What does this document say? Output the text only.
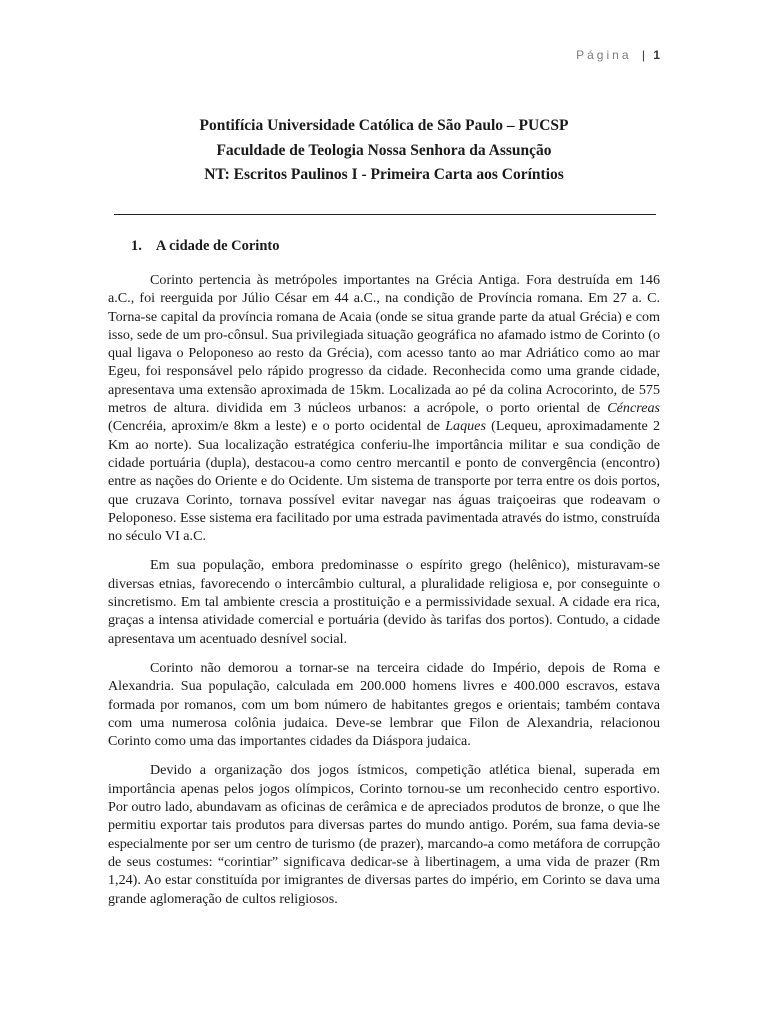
Página | 1
Pontifícia Universidade Católica de São Paulo – PUCSP
Faculdade de Teologia Nossa Senhora da Assunção
NT: Escritos Paulinos I - Primeira Carta aos Coríntios
1. A cidade de Corinto

Corinto pertencia às metrópoles importantes na Grécia Antiga. Fora destruída em 146 a.C., foi reerguida por Júlio César em 44 a.C., na condição de Província romana. Em 27 a. C. Torna-se capital da província romana de Acaia (onde se situa grande parte da atual Grécia) e com isso, sede de um pro-cônsul. Sua privilegiada situação geográfica no afamado istmo de Corinto (o qual ligava o Peloponeso ao resto da Grécia), com acesso tanto ao mar Adriático como ao mar Egeu, foi responsável pelo rápido progresso da cidade. Reconhecida como uma grande cidade, apresentava uma extensão aproximada de 15km. Localizada ao pé da colina Acrocorinto, de 575 metros de altura. dividida em 3 núcleos urbanos: a acrópole, o porto oriental de Céncreas (Cencréia, aproxim/e 8km a leste) e o porto ocidental de Laques (Lequeu, aproximadamente 2 Km ao norte). Sua localização estratégica conferiu-lhe importância militar e sua condição de cidade portuária (dupla), destacou-a como centro mercantil e ponto de convergência (encontro) entre as nações do Oriente e do Ocidente. Um sistema de transporte por terra entre os dois portos, que cruzava Corinto, tornava possível evitar navegar nas águas traiçoeiras que rodeavam o Peloponeso. Esse sistema era facilitado por uma estrada pavimentada através do istmo, construída no século VI a.C.

Em sua população, embora predominasse o espírito grego (helênico), misturavam-se diversas etnias, favorecendo o intercâmbio cultural, a pluralidade religiosa e, por conseguinte o sincretismo. Em tal ambiente crescia a prostituição e a permissividade sexual. A cidade era rica, graças a intensa atividade comercial e portuária (devido às tarifas dos portos). Contudo, a cidade apresentava um acentuado desnível social.

Corinto não demorou a tornar-se na terceira cidade do Império, depois de Roma e Alexandria. Sua população, calculada em 200.000 homens livres e 400.000 escravos, estava formada por romanos, com um bom número de habitantes gregos e orientais; também contava com uma numerosa colônia judaica. Deve-se lembrar que Filon de Alexandria, relacionou Corinto como uma das importantes cidades da Diáspora judaica.

Devido a organização dos jogos ístmicos, competição atlética bienal, superada em importância apenas pelos jogos olímpicos, Corinto tornou-se um reconhecido centro esportivo. Por outro lado, abundavam as oficinas de cerâmica e de apreciados produtos de bronze, o que lhe permitiu exportar tais produtos para diversas partes do mundo antigo. Porém, sua fama devia-se especialmente por ser um centro de turismo (de prazer), marcando-a como metáfora de corrupção de seus costumes: “corintiar” significava dedicar-se à libertinagem, a uma vida de prazer (Rm 1,24). Ao estar constituída por imigrantes de diversas partes do império, em Corinto se dava uma grande aglomeração de cultos religiosos.
